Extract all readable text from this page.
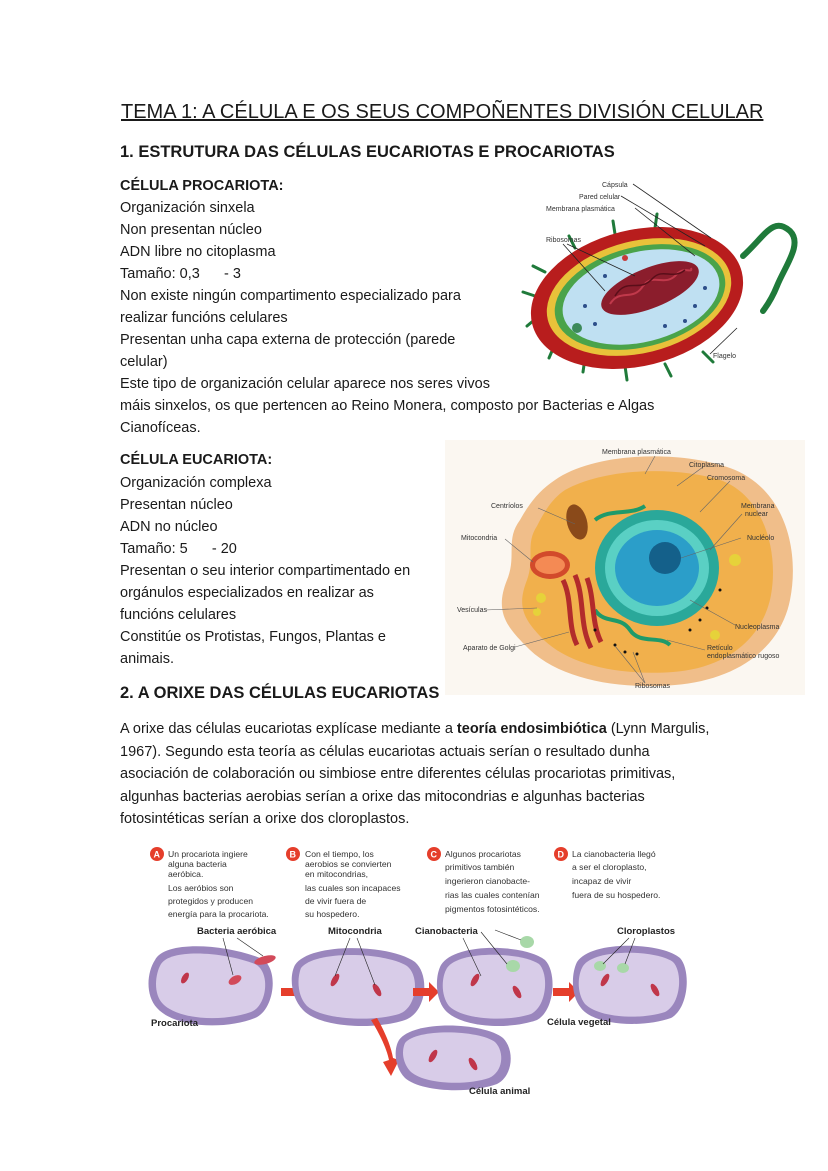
TEMA 1: A CÉLULA E OS SEUS COMPOÑENTES DIVISIÓN CELULAR
1. ESTRUTURA DAS CÉLULAS EUCARIOTAS E PROCARIOTAS
CÉLULA PROCARIOTA:
Organización sinxela
Non presentan núcleo
ADN libre no citoplasma
Tamaño: 0,3      - 3
Non existe ningún compartimento especializado para
realizar funcións celulares
Presentan unha capa externa de protección (parede
celular)
Este tipo de organización celular aparece nos seres vivos
máis sinxelos, os que pertencen ao Reino Monera, composto por Bacterias e Algas
Cianofíceas.
Cápsula
Pared celular
Membrana plasmática
Ribosomas
Flagelo
CÉLULA EUCARIOTA:
Organización complexa
Presentan núcleo
ADN no núcleo
Tamaño: 5      - 20
Presentan o seu interior compartimentado en
orgánulos especializados en realizar as
funcións celulares
Constitúe os Protistas, Fungos, Plantas e
animais.
Membrana plasmática
Citoplasma
Cromosoma
Centríolos	Membrana
nuclear
Mitocondria	Nucléolo
Vesículas
Nucleoplasma
Aparato de Golgi	Retículo
endoplasmático rugoso
Ribosomas
2. A ORIXE DAS CÉLULAS EUCARIOTAS

A orixe das células eucariotas explícase mediante a teoría endosimbiótica (Lynn Margulis, 1967). Segundo esta teoría as células eucariotas actuais serían o resultado dunha asociación de colaboración ou simbiose entre diferentes células procariotas primitivas, algunhas bacterias aerobias serían a orixe das mitocondrias e algunhas bacterias fotosintéticas serían a orixe dos cloroplastos.

A Un procariota ingiere
alguna bacteria
aeróbica.
Los aeróbios son
protegidos y producen
energía para la procariota.
B Con el tiempo, los
aerobios se convierten
en mitocondrias,
las cuales son incapaces
de vivir fuera de
su hospedero.
C Algunos procariotas
primitivos también
ingerieron cianobacte-
rias las cuales contenían
pigmentos fotosintéticos.
D La cianobacteria llegó
a ser el cloroplasto,
incapaz de vivir
fuera de su hospedero.
Bacteria aeróbica	Mitocondria	Cianobacteria	Cloroplastos
Procariota	Célula vegetal
Célula animal
